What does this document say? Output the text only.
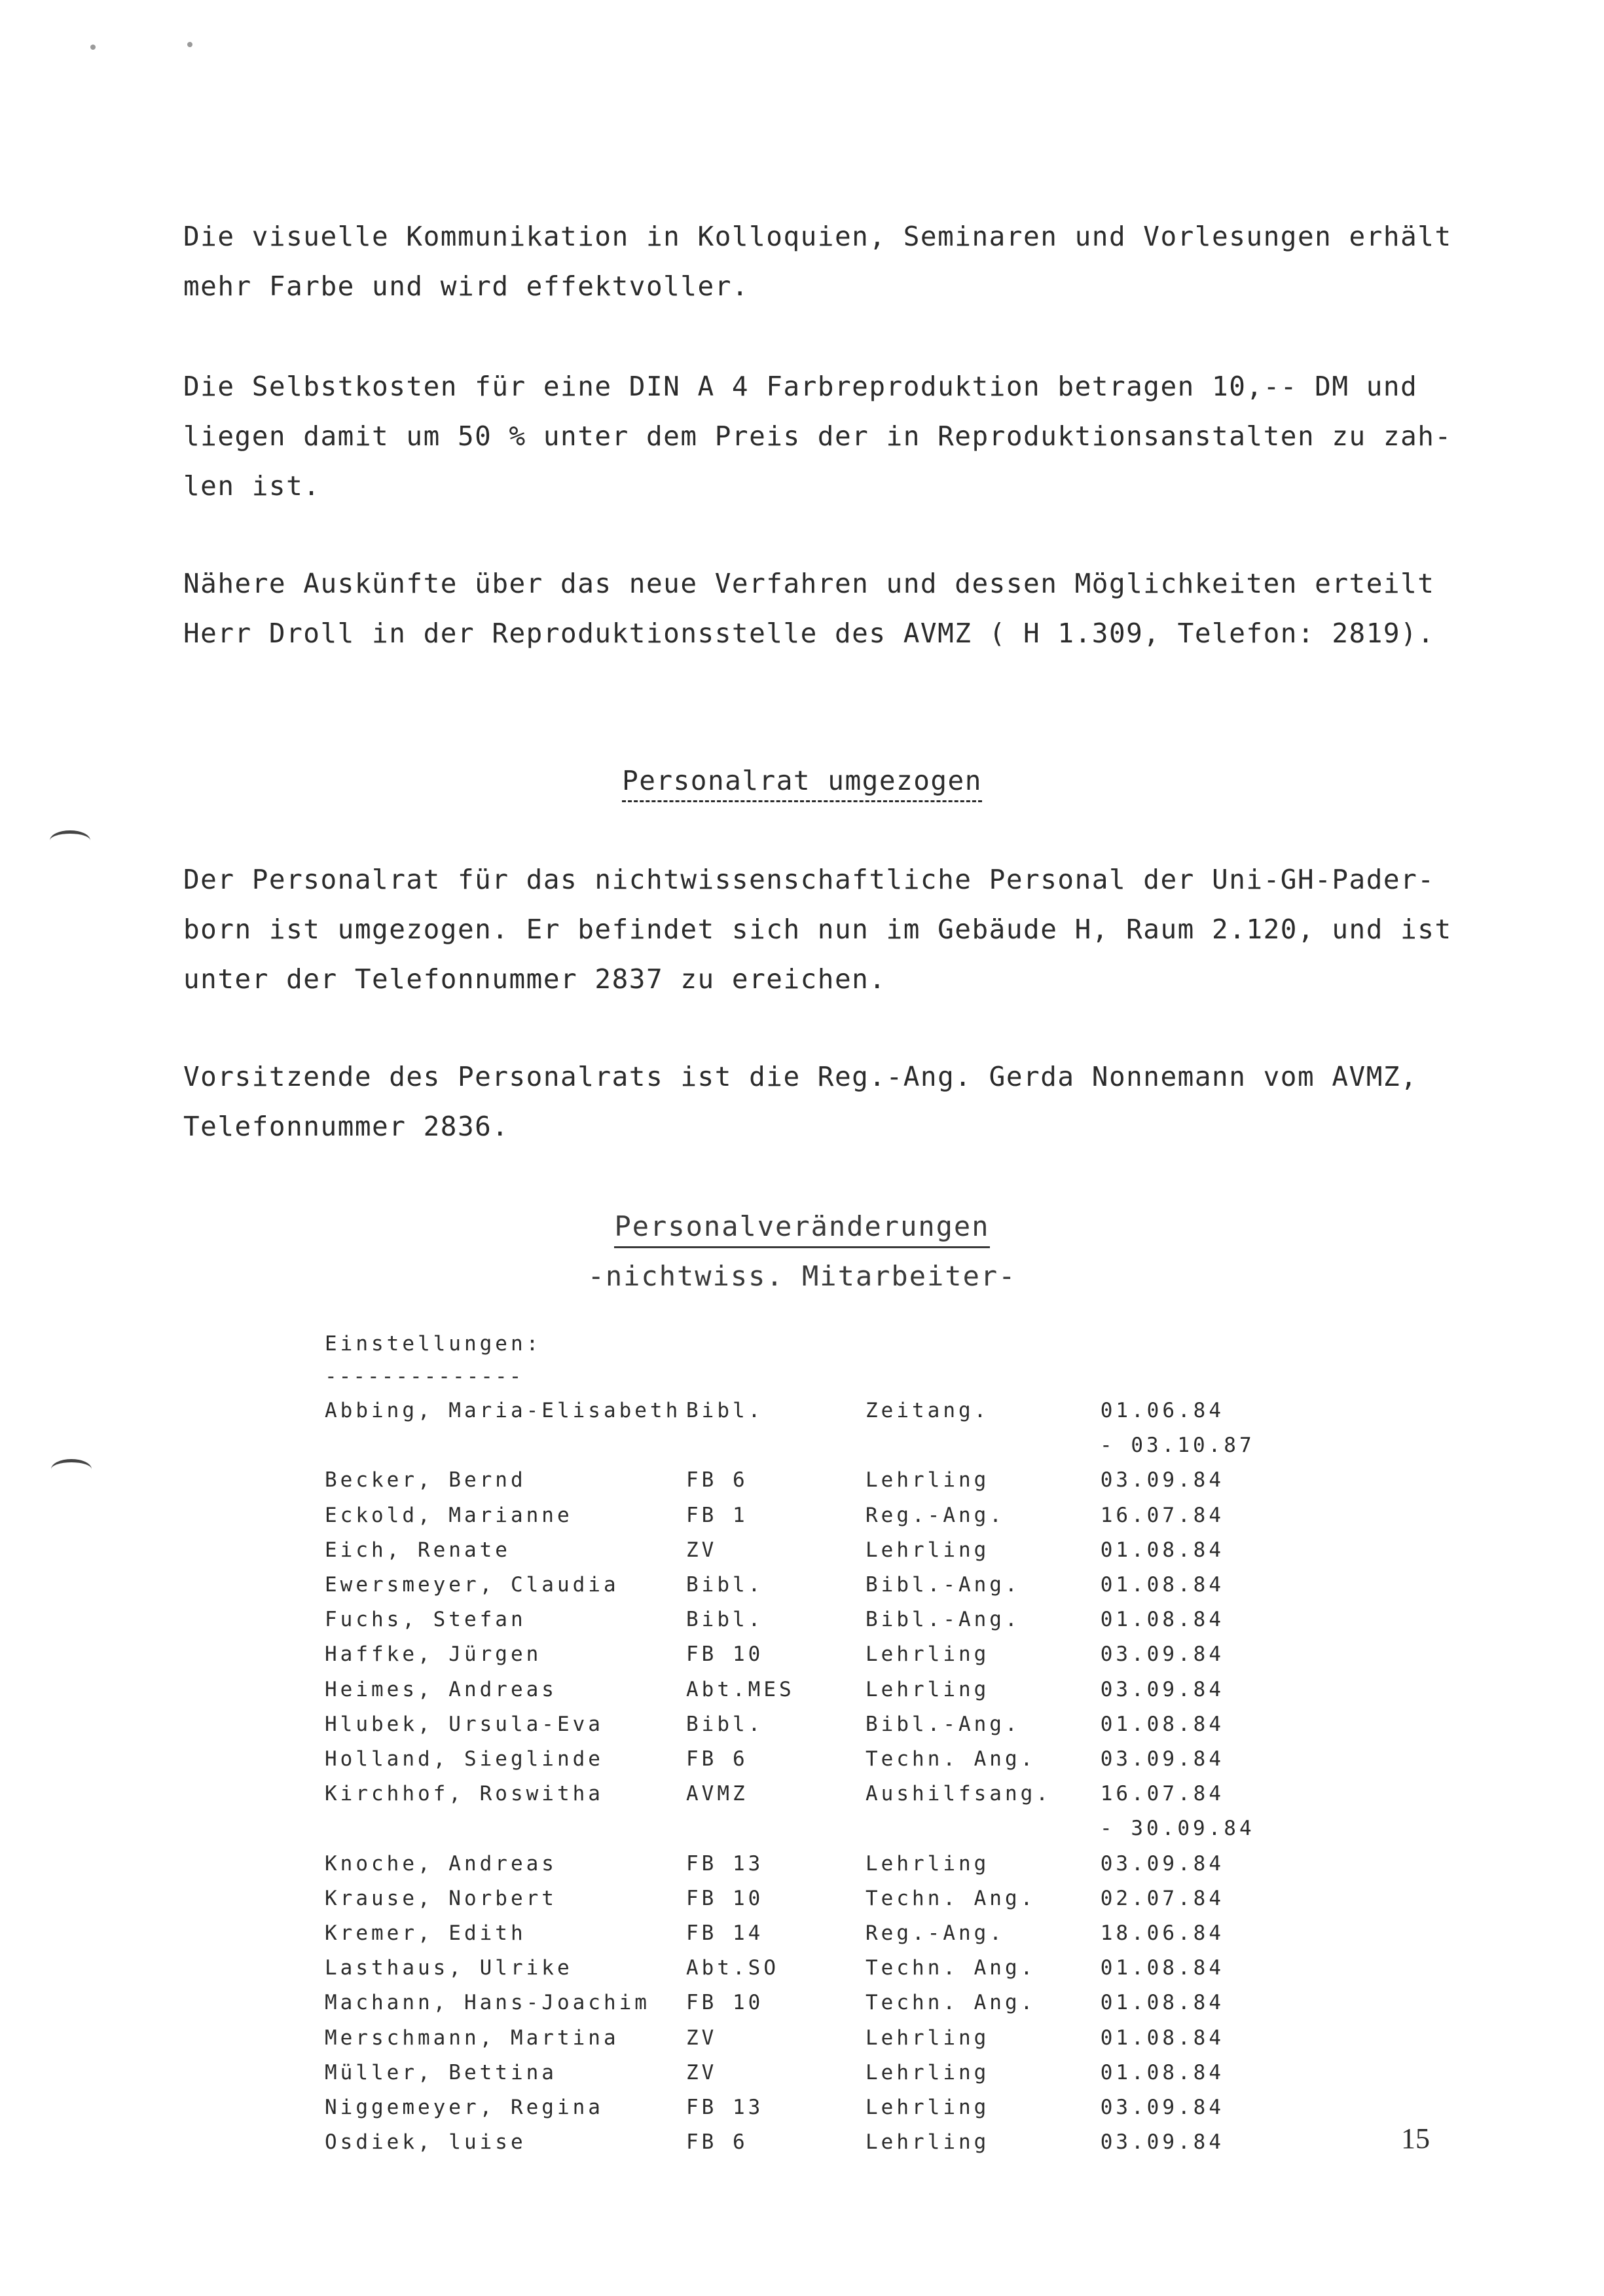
Die visuelle Kommunikation in Kolloquien, Seminaren und Vorlesungen erhält
mehr Farbe und wird effektvoller.
Die Selbstkosten für eine DIN A 4 Farbreproduktion betragen 10,-- DM und
liegen damit um 50 % unter dem Preis der in Reproduktionsanstalten zu zah-
len ist.
Nähere Auskünfte über das neue Verfahren und dessen Möglichkeiten erteilt
Herr Droll in der Reproduktionsstelle des AVMZ ( H 1.309, Telefon: 2819).
Personalrat umgezogen
Der Personalrat für das nichtwissenschaftliche Personal der Uni-GH-Pader-
born ist umgezogen. Er befindet sich nun im Gebäude H, Raum 2.120, und ist
unter der Telefonnummer 2837 zu ereichen.
Vorsitzende des Personalrats ist die Reg.-Ang. Gerda Nonnemann vom AVMZ,
Telefonnummer 2836.
Personalveränderungen
-nichtwiss. Mitarbeiter-
Einstellungen:
--------------
Abbing, Maria-Elisabeth Bibl.	Zeitang.	01.06.84
- 03.10.87
Becker, Bernd	FB 6	Lehrling	03.09.84
Eckold, Marianne	FB 1	Reg.-Ang.	16.07.84
Eich, Renate	ZV	Lehrling	01.08.84
Ewersmeyer, Claudia	Bibl.	Bibl.-Ang.	01.08.84
Fuchs, Stefan	Bibl.	Bibl.-Ang.	01.08.84
Haffke, Jürgen	FB 10	Lehrling	03.09.84
Heimes, Andreas	Abt.MES	Lehrling	03.09.84
Hlubek, Ursula-Eva	Bibl.	Bibl.-Ang.	01.08.84
Holland, Sieglinde	FB 6	Techn. Ang.	03.09.84
Kirchhof, Roswitha	AVMZ	Aushilfsang. 16.07.84
- 30.09.84
Knoche, Andreas	FB 13	Lehrling	03.09.84
Krause, Norbert	FB 10	Techn. Ang.	02.07.84
Kremer, Edith	FB 14	Reg.-Ang.	18.06.84
Lasthaus, Ulrike	Abt.SO	Techn. Ang.	01.08.84
Machann, Hans-Joachim FB 10	Techn. Ang.	01.08.84
Merschmann, Martina	ZV	Lehrling	01.08.84
Müller, Bettina	ZV	Lehrling	01.08.84
Niggemeyer, Regina	FB 13	Lehrling	03.09.84
Osdiek, luise	FB 6	Lehrling	03.09.84	15
